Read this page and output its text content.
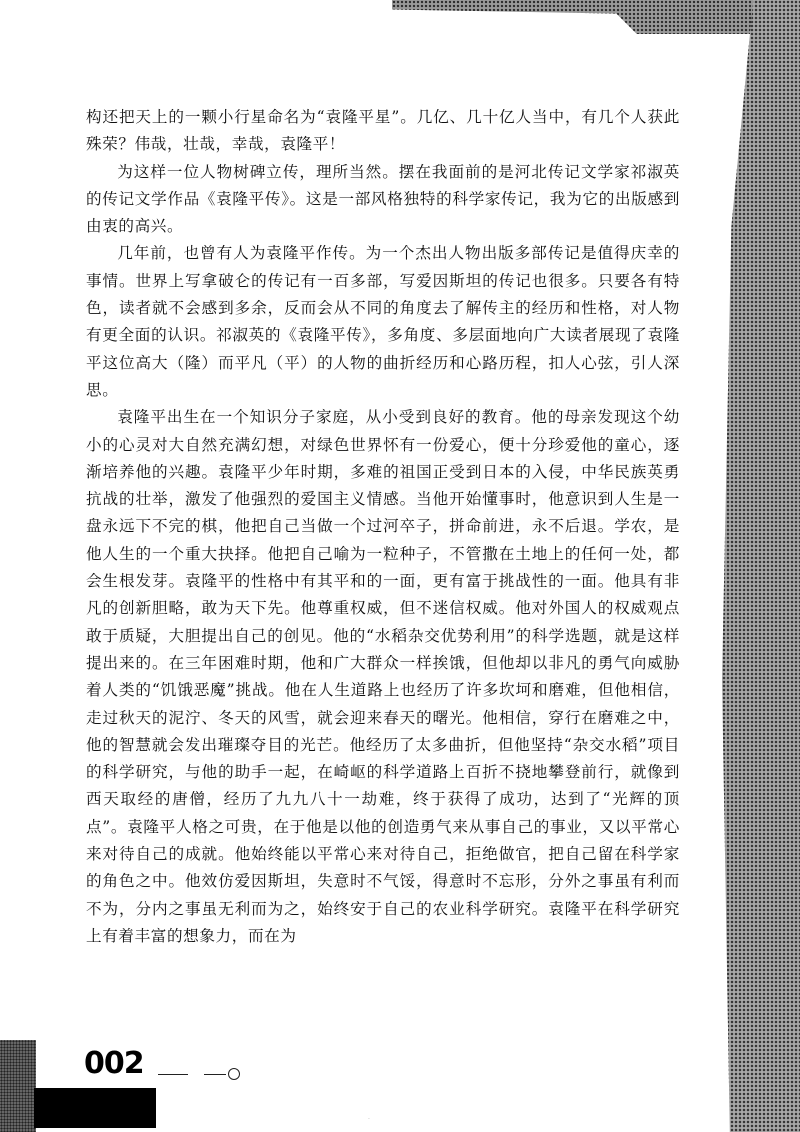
构还把天上的一颗小行星命名为“袁隆平星”。几亿、几十亿人当中，有几个人获此殊荣？伟哉，壮哉，幸哉，袁隆平！

为这样一位人物树碑立传，理所当然。摆在我面前的是河北传记文学家祁淑英的传记文学作品《袁隆平传》。这是一部风格独特的科学家传记，我为它的出版感到由衷的高兴。

几年前，也曾有人为袁隆平作传。为一个杰出人物出版多部传记是值得庆幸的事情。世界上写拿破仑的传记有一百多部，写爱因斯坦的传记也很多。只要各有特色，读者就不会感到多余，反而会从不同的角度去了解传主的经历和性格，对人物有更全面的认识。祁淑英的《袁隆平传》，多角度、多层面地向广大读者展现了袁隆平这位高大（隆）而平凡（平）的人物的曲折经历和心路历程，扣人心弦，引人深思。

袁隆平出生在一个知识分子家庭，从小受到良好的教育。他的母亲发现这个幼小的心灵对大自然充满幻想，对绿色世界怀有一份爱心，便十分珍爱他的童心，逐渐培养他的兴趣。袁隆平少年时期，多难的祖国正受到日本的入侵，中华民族英勇抗战的壮举，激发了他强烈的爱国主义情感。当他开始懂事时，他意识到人生是一盘永远下不完的棋，他把自己当做一个过河卒子，拼命前进，永不后退。学农，是他人生的一个重大抉择。他把自己喻为一粒种子，不管撒在土地上的任何一处，都会生根发芽。袁隆平的性格中有其平和的一面，更有富于挑战性的一面。他具有非凡的创新胆略，敢为天下先。他尊重权威，但不迷信权威。他对外国人的权威观点敢于质疑，大胆提出自己的创见。他的“水稻杂交优势利用”的科学选题，就是这样提出来的。在三年困难时期，他和广大群众一样挨饿，但他却以非凡的勇气向威胁着人类的“饥饿恶魔”挑战。他在人生道路上也经历了许多坎坷和磨难，但他相信，走过秋天的泥泞、冬天的风雪，就会迎来春天的曙光。他相信，穿行在磨难之中，他的智慧就会发出璀璨夺目的光芒。他经历了太多曲折，但他坚持“杂交水稻”项目的科学研究，与他的助手一起，在崎岖的科学道路上百折不挠地攀登前行，就像到西天取经的唐僧，经历了九九八十一劫难，终于获得了成功，达到了“光辉的顶点”。袁隆平人格之可贵，在于他是以他的创造勇气来从事自己的事业，又以平常心来对待自己的成就。他始终能以平常心来对待自己，拒绝做官，把自己留在科学家的角色之中。他效仿爱因斯坦，失意时不气馁，得意时不忘形，分外之事虽有利而不为，分内之事虽无利而为之，始终安于自己的农业科学研究。袁隆平在科学研究上有着丰富的想象力，而在为

002
·
